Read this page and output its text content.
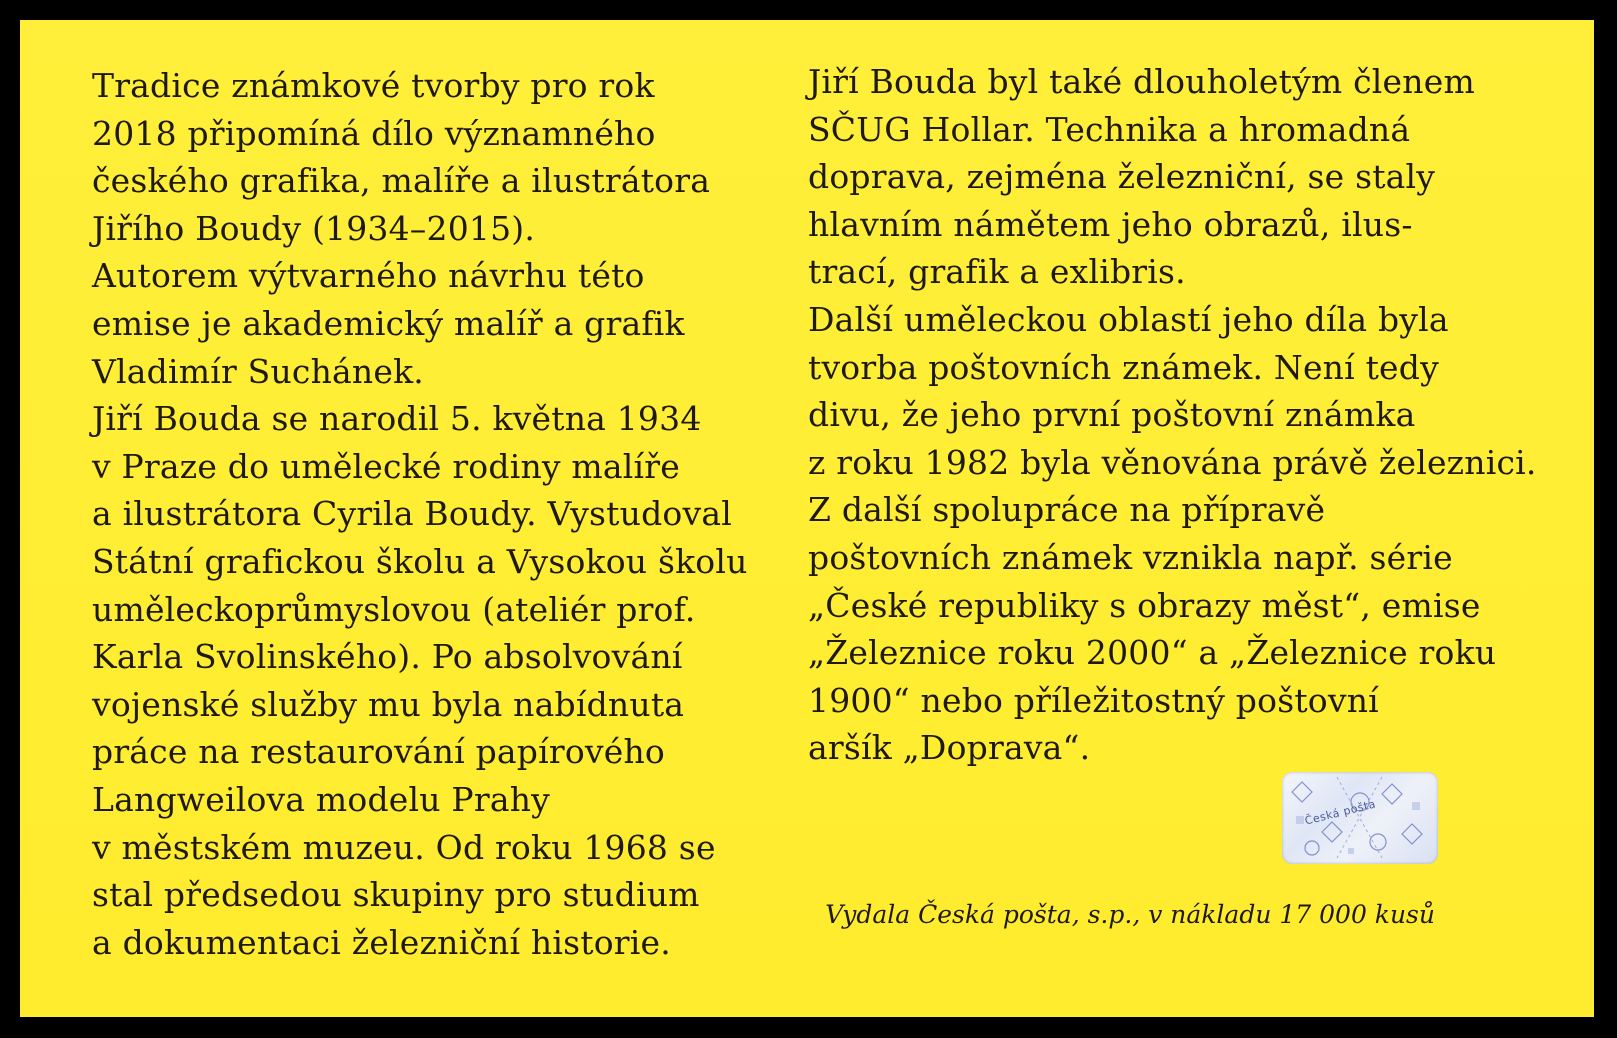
Tradice známkové tvorby pro rok
2018 připomíná dílo významného
českého grafika, malíře a ilustrátora
Jiřího Boudy (1934–2015).
Autorem výtvarného návrhu této
emise je akademický malíř a grafik
Vladimír Suchánek.
Jiří Bouda se narodil 5. května 1934
v Praze do umělecké rodiny malíře
a ilustrátora Cyrila Boudy. Vystudoval
Státní grafickou školu a Vysokou školu
uměleckoprůmyslovou (ateliér prof.
Karla Svolinského). Po absolvování
vojenské služby mu byla nabídnuta
práce na restaurování papírového
Langweilova modelu Prahy
v městském muzeu. Od roku 1968 se
stal předsedou skupiny pro studium
a dokumentaci železniční historie.
Jiří Bouda byl také dlouholetým členem
SČUG Hollar. Technika a hromadná
doprava, zejména železniční, se staly
hlavním námětem jeho obrazů, ilus-
trací, grafik a exlibris.
Další uměleckou oblastí jeho díla byla
tvorba poštovních známek. Není tedy
divu, že jeho první poštovní známka
z roku 1982 byla věnována právě železnici.
Z další spolupráce na přípravě
poštovních známek vznikla např. série
„České republiky s obrazy měst“, emise
„Železnice roku 2000“ a „Železnice roku
1900“ nebo příležitostný poštovní
aršík „Doprava“.
Česká pošta
Vydala Česká pošta, s.p., v nákladu 17 000 kusů
